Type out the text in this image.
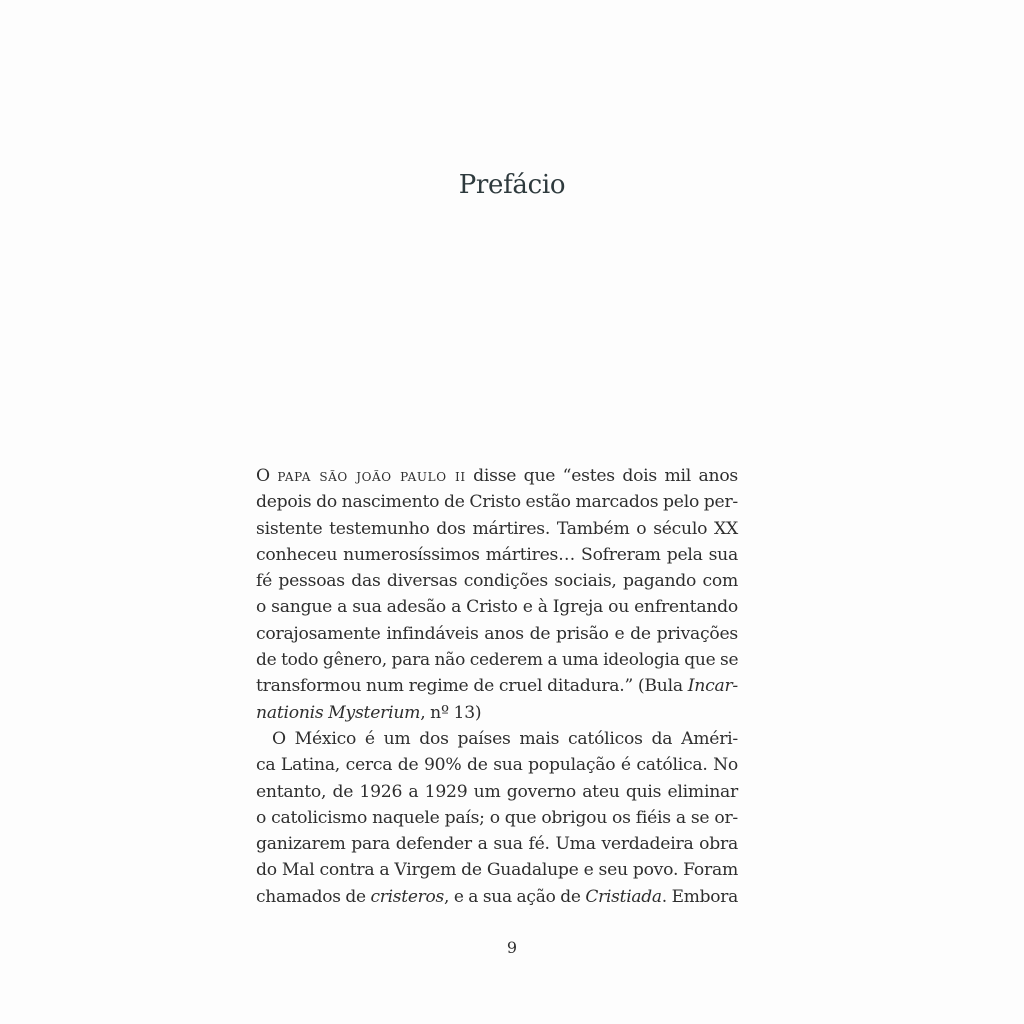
Prefácio
O papa são joão paulo ii disse que “estes dois mil anos
depois do nascimento de Cristo estão marcados pelo per-
sistente testemunho dos mártires. Também o século XX
conheceu numerosíssimos mártires… Sofreram pela sua
fé pessoas das diversas condições sociais, pagando com
o sangue a sua adesão a Cristo e à Igreja ou enfrentando
corajosamente infindáveis anos de prisão e de privações
de todo gênero, para não cederem a uma ideologia que se
transformou num regime de cruel ditadura.” (Bula Incar-
nationis Mysterium, nº 13)
O México é um dos países mais católicos da Améri-
ca Latina, cerca de 90% de sua população é católica. No
entanto, de 1926 a 1929 um governo ateu quis eliminar
o catolicismo naquele país; o que obrigou os fiéis a se or-
ganizarem para defender a sua fé. Uma verdadeira obra
do Mal contra a Virgem de Guadalupe e seu povo. Foram
chamados de cristeros, e a sua ação de Cristiada. Embora
9
